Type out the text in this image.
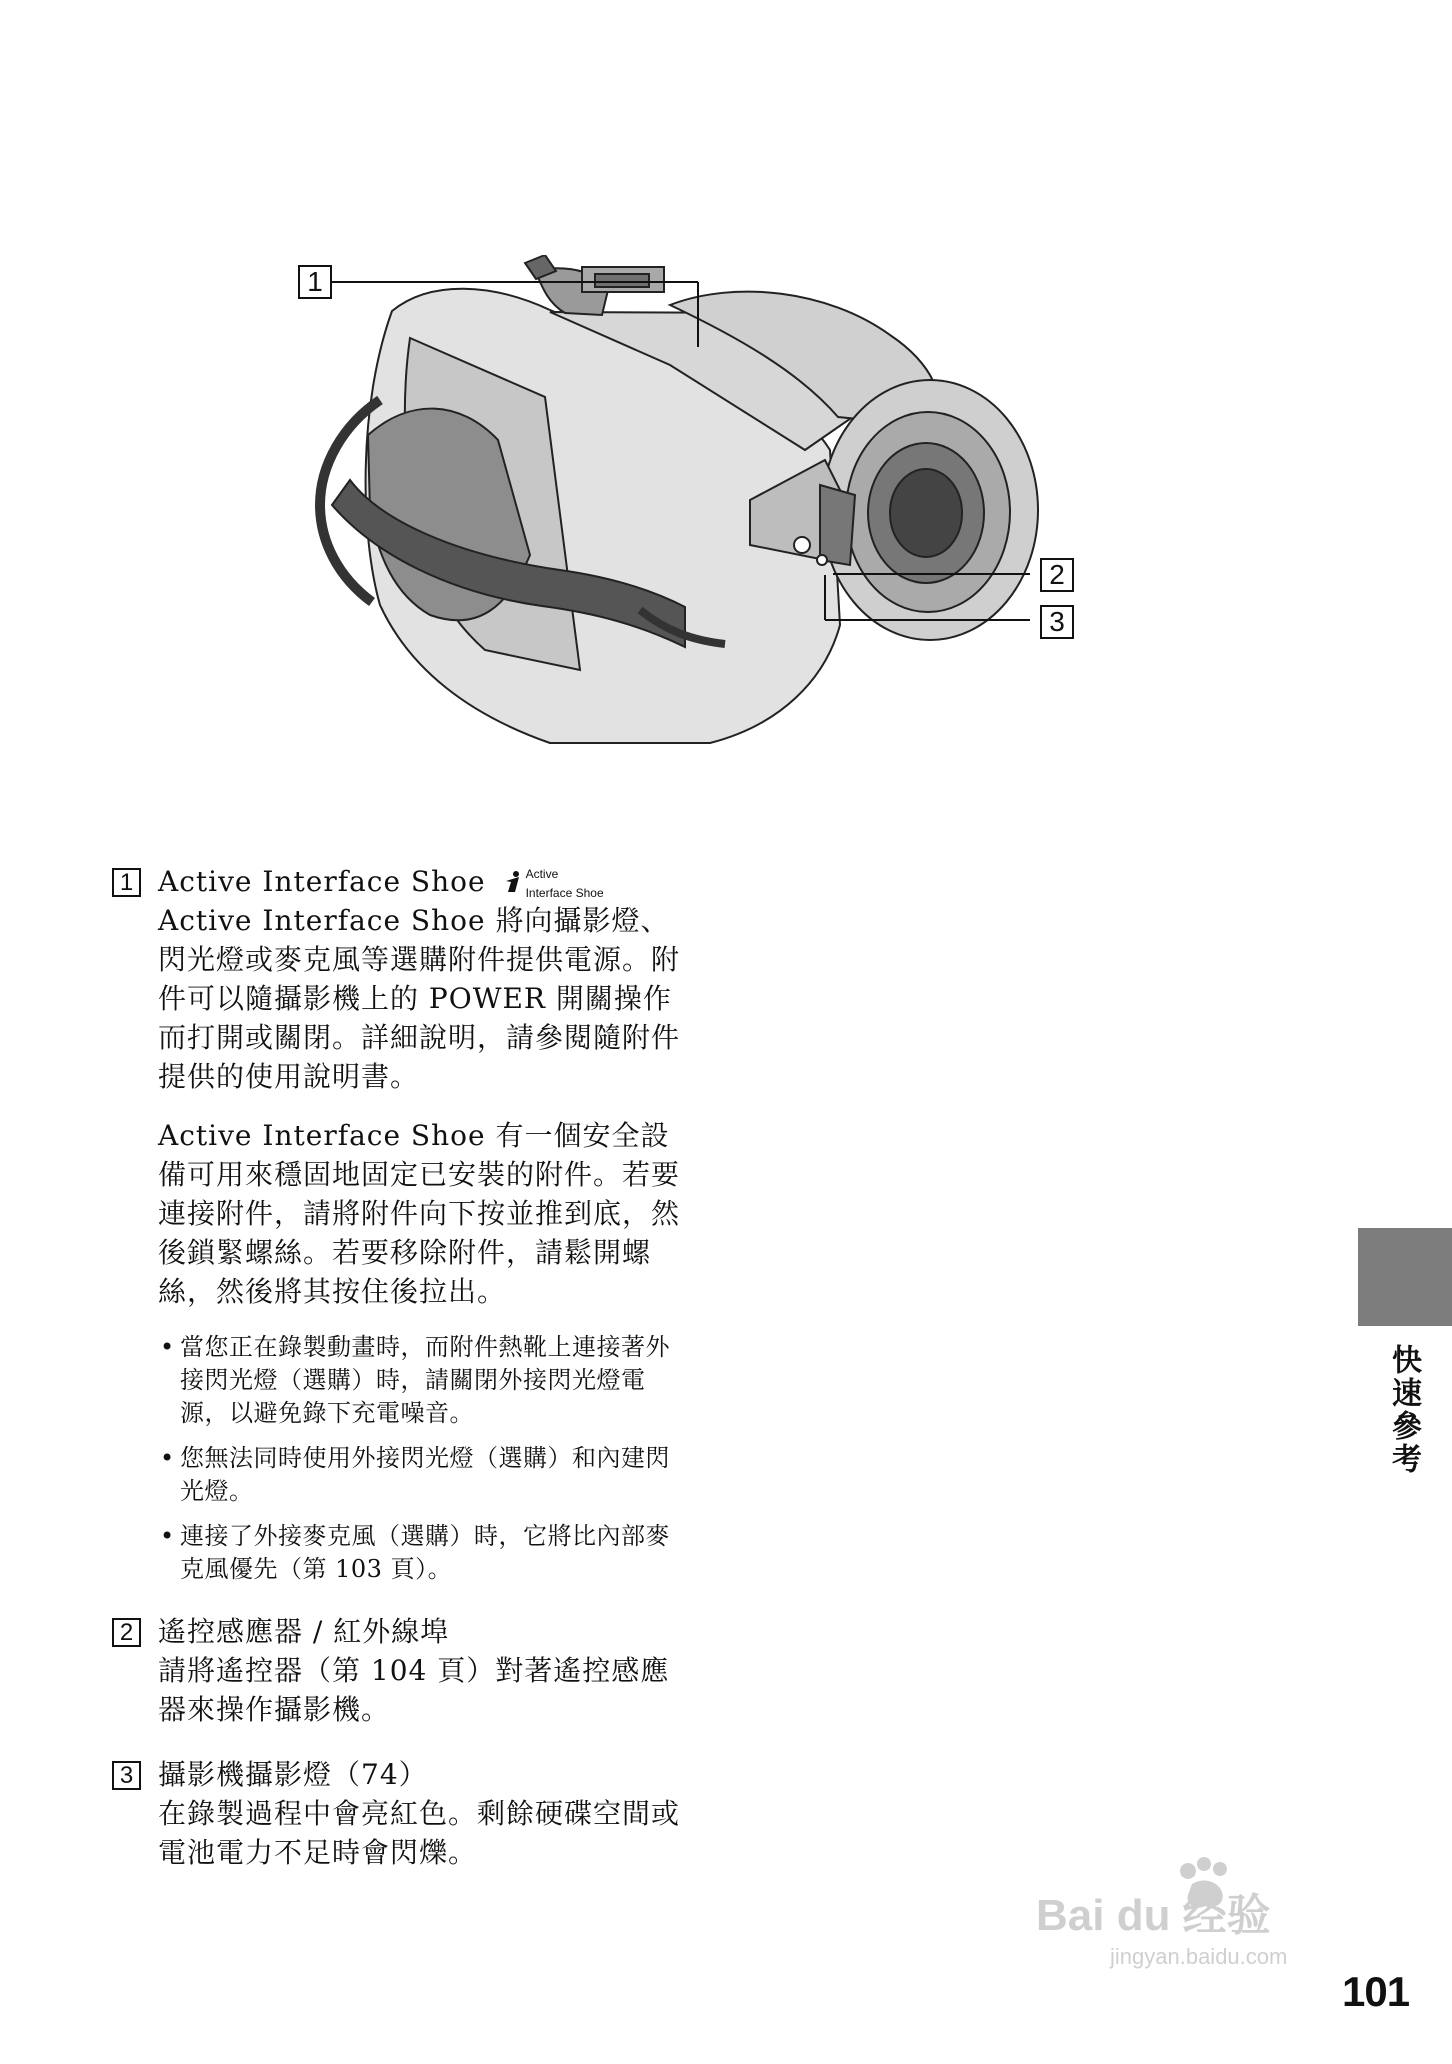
1
2
3
1 Active Interface Shoe	Active
Interface Shoe
Active Interface Shoe 將向攝影燈、閃光燈或麥克風等選購附件提供電源。附件可以隨攝影機上的 POWER 開關操作而打開或關閉。詳細說明，請參閱隨附件提供的使用說明書。
Active Interface Shoe 有一個安全設備可用來穩固地固定已安裝的附件。若要連接附件，請將附件向下按並推到底，然後鎖緊螺絲。若要移除附件，請鬆開螺絲，然後將其按住後拉出。
• 當您正在錄製動畫時，而附件熱靴上連接著外接閃光燈（選購）時，請關閉外接閃光燈電源，以避免錄下充電噪音。
• 您無法同時使用外接閃光燈（選購）和內建閃光燈。
• 連接了外接麥克風（選購）時，它將比內部麥克風優先（第 103 頁）。
2 遙控感應器 / 紅外線埠
請將遙控器（第 104 頁）對著遙控感應器來操作攝影機。
3 攝影機攝影燈（74）
在錄製過程中會亮紅色。剩餘硬碟空間或電池電力不足時會閃爍。
快速參考
Bai du 经验
jingyan.baidu.com
101
